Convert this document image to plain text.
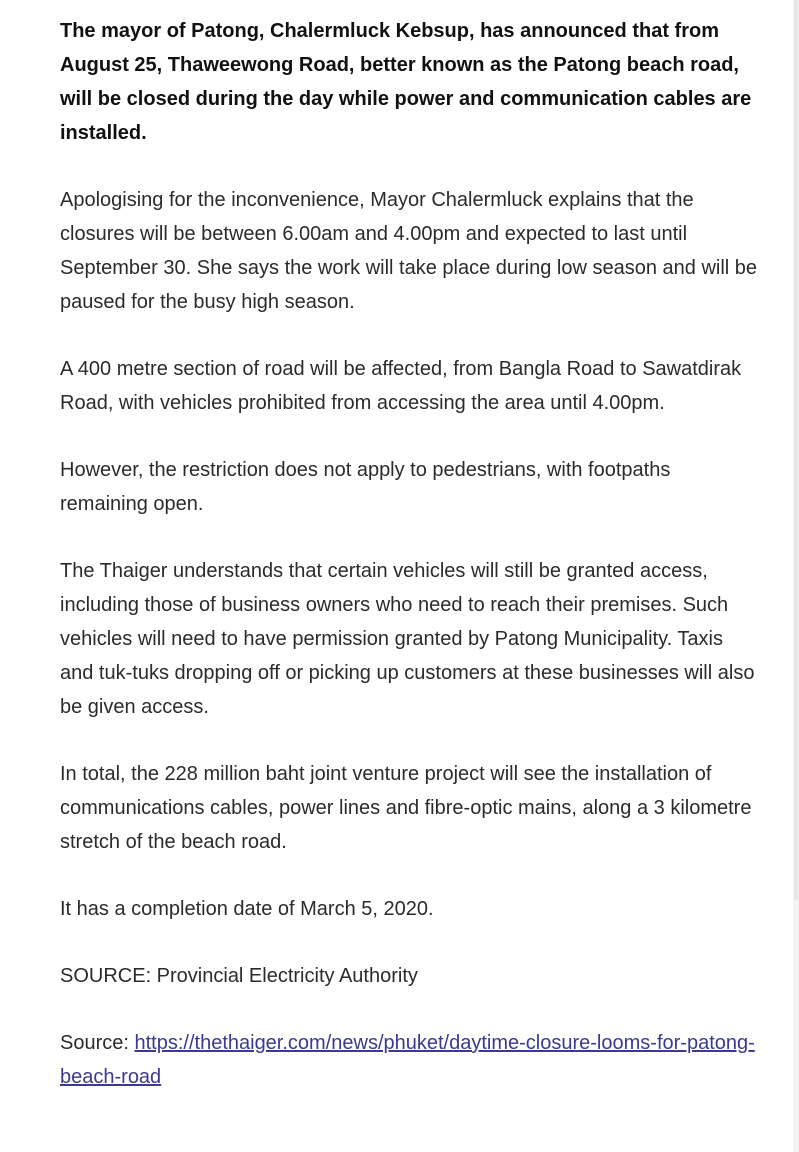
The mayor of Patong, Chalermluck Kebsup, has announced that from August 25, Thaweewong Road, better known as the Patong beach road, will be closed during the day while power and communication cables are installed.

Apologising for the inconvenience, Mayor Chalermluck explains that the closures will be between 6.00am and 4.00pm and expected to last until September 30. She says the work will take place during low season and will be paused for the busy high season.

A 400 metre section of road will be affected, from Bangla Road to Sawatdirak Road, with vehicles prohibited from accessing the area until 4.00pm.

However, the restriction does not apply to pedestrians, with footpaths remaining open.

The Thaiger understands that certain vehicles will still be granted access, including those of business owners who need to reach their premises. Such vehicles will need to have permission granted by Patong Municipality. Taxis and tuk-tuks dropping off or picking up customers at these businesses will also be given access.

In total, the 228 million baht joint venture project will see the installation of communications cables, power lines and fibre-optic mains, along a 3 kilometre stretch of the beach road.

It has a completion date of March 5, 2020.

SOURCE: Provincial Electricity Authority

Source: https://thethaiger.com/news/phuket/daytime-closure-looms-for-patong-beach-road
